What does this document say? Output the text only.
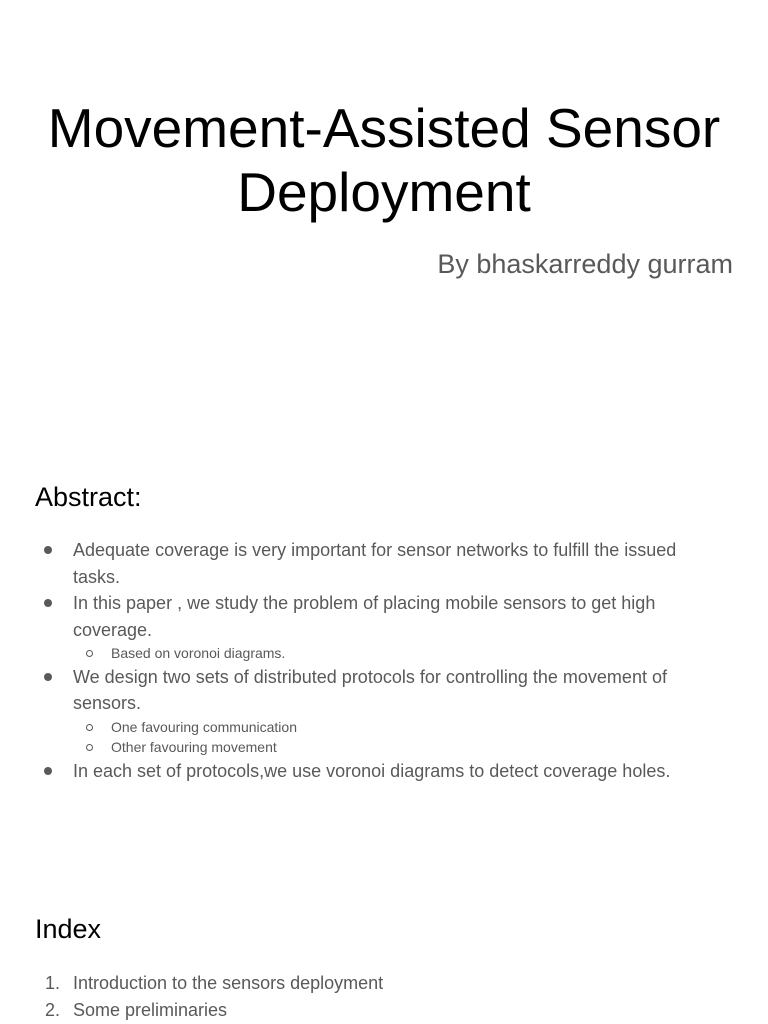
Movement-Assisted Sensor
Deployment

By bhaskarreddy gurram

Abstract:
Adequate coverage is very important for sensor networks to fulfill the issued tasks.
In this paper , we study the problem of placing mobile sensors to get high coverage.
Based on voronoi diagrams.
We design two sets of distributed protocols for controlling the movement of sensors.
One favouring communication
Other favouring movement
In each set of protocols,we use voronoi diagrams to detect coverage holes.
Index
1. Introduction to the sensors deployment
2. Some preliminaries
